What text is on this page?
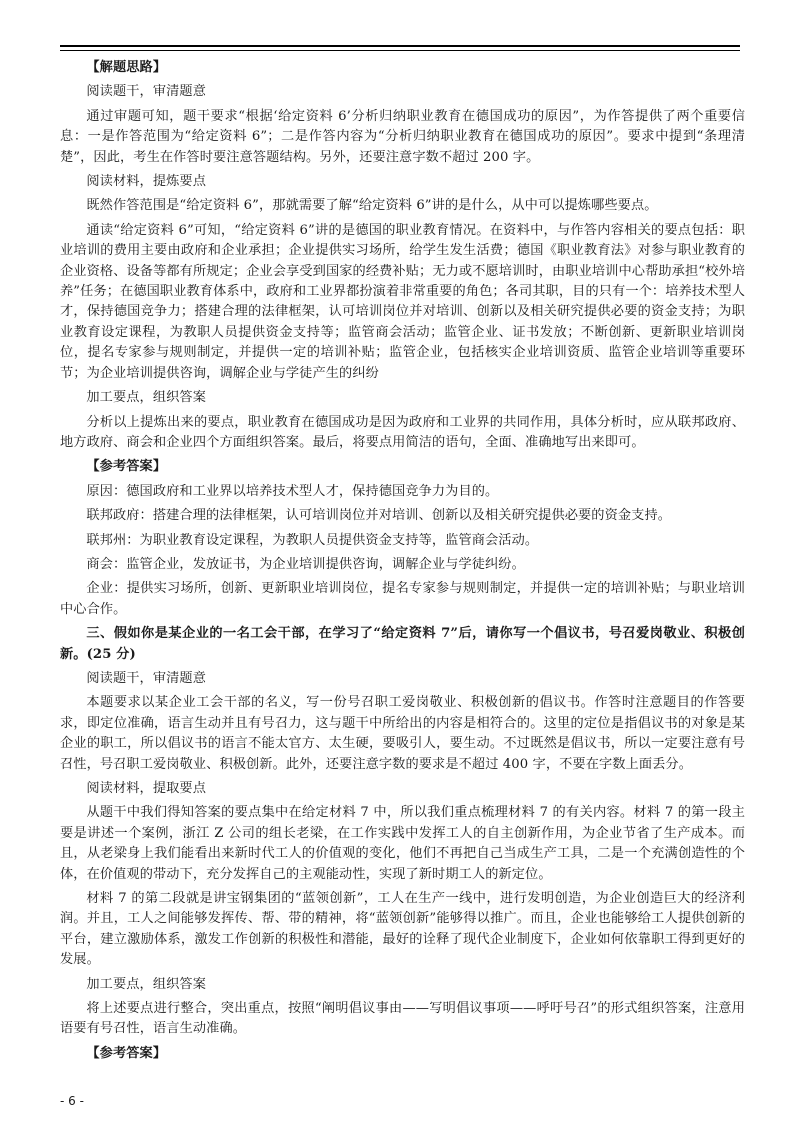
【解题思路】

阅读题干，审清题意

通过审题可知，题干要求“根据‘给定资料 6’分析归纳职业教育在德国成功的原因”，为作答提供了两个重要信息：一是作答范围为“给定资料 6”；二是作答内容为“分析归纳职业教育在德国成功的原因”。要求中提到“条理清楚”，因此，考生在作答时要注意答题结构。另外，还要注意字数不超过 200 字。

阅读材料，提炼要点

既然作答范围是“给定资料 6”，那就需要了解“给定资料 6”讲的是什么，从中可以提炼哪些要点。

通读“给定资料 6”可知，“给定资料 6”讲的是德国的职业教育情况。在资料中，与作答内容相关的要点包括：职业培训的费用主要由政府和企业承担；企业提供实习场所，给学生发生活费；德国《职业教育法》对参与职业教育的企业资格、设备等都有所规定；企业会享受到国家的经费补贴；无力或不愿培训时，由职业培训中心帮助承担“校外培养”任务；在德国职业教育体系中，政府和工业界都扮演着非常重要的角色；各司其职，目的只有一个：培养技术型人才，保持德国竞争力；搭建合理的法律框架，认可培训岗位并对培训、创新以及相关研究提供必要的资金支持；为职业教育设定课程，为教职人员提供资金支持等；监管商会活动；监管企业、证书发放；不断创新、更新职业培训岗位，提名专家参与规则制定，并提供一定的培训补贴；监管企业，包括核实企业培训资质、监管企业培训等重要环节；为企业培训提供咨询，调解企业与学徒产生的纠纷

加工要点，组织答案

分析以上提炼出来的要点，职业教育在德国成功是因为政府和工业界的共同作用，具体分析时，应从联邦政府、地方政府、商会和企业四个方面组织答案。最后，将要点用简洁的语句，全面、准确地写出来即可。

【参考答案】

原因：德国政府和工业界以培养技术型人才，保持德国竞争力为目的。

联邦政府：搭建合理的法律框架，认可培训岗位并对培训、创新以及相关研究提供必要的资金支持。

联邦州：为职业教育设定课程，为教职人员提供资金支持等，监管商会活动。

商会：监管企业，发放证书，为企业培训提供咨询，调解企业与学徒纠纷。

企业：提供实习场所，创新、更新职业培训岗位，提名专家参与规则制定，并提供一定的培训补贴；与职业培训中心合作。

三、假如你是某企业的一名工会干部，在学习了“给定资料 7”后，请你写一个倡议书，号召爱岗敬业、积极创新。(25 分)

阅读题干，审清题意

本题要求以某企业工会干部的名义，写一份号召职工爱岗敬业、积极创新的倡议书。作答时注意题目的作答要求，即定位准确，语言生动并且有号召力，这与题干中所给出的内容是相符合的。这里的定位是指倡议书的对象是某企业的职工，所以倡议书的语言不能太官方、太生硬，要吸引人，要生动。不过既然是倡议书，所以一定要注意有号召性，号召职工爱岗敬业、积极创新。此外，还要注意字数的要求是不超过 400 字，不要在字数上面丢分。

阅读材料，提取要点

从题干中我们得知答案的要点集中在给定材料 7 中，所以我们重点梳理材料 7 的有关内容。材料 7 的第一段主要是讲述一个案例，浙江 Z 公司的组长老梁，在工作实践中发挥工人的自主创新作用，为企业节省了生产成本。而且，从老梁身上我们能看出来新时代工人的价值观的变化，他们不再把自己当成生产工具，二是一个充满创造性的个体，在价值观的带动下，充分发挥自己的主观能动性，实现了新时期工人的新定位。

材料 7 的第二段就是讲宝钢集团的“蓝领创新”，工人在生产一线中，进行发明创造，为企业创造巨大的经济利润。并且，工人之间能够发挥传、帮、带的精神，将“蓝领创新”能够得以推广。而且，企业也能够给工人提供创新的平台，建立激励体系，激发工作创新的积极性和潜能，最好的诠释了现代企业制度下，企业如何依靠职工得到更好的发展。

加工要点，组织答案

将上述要点进行整合，突出重点，按照“阐明倡议事由——写明倡议事项——呼吁号召”的形式组织答案，注意用语要有号召性，语言生动准确。

【参考答案】

- 6 -
